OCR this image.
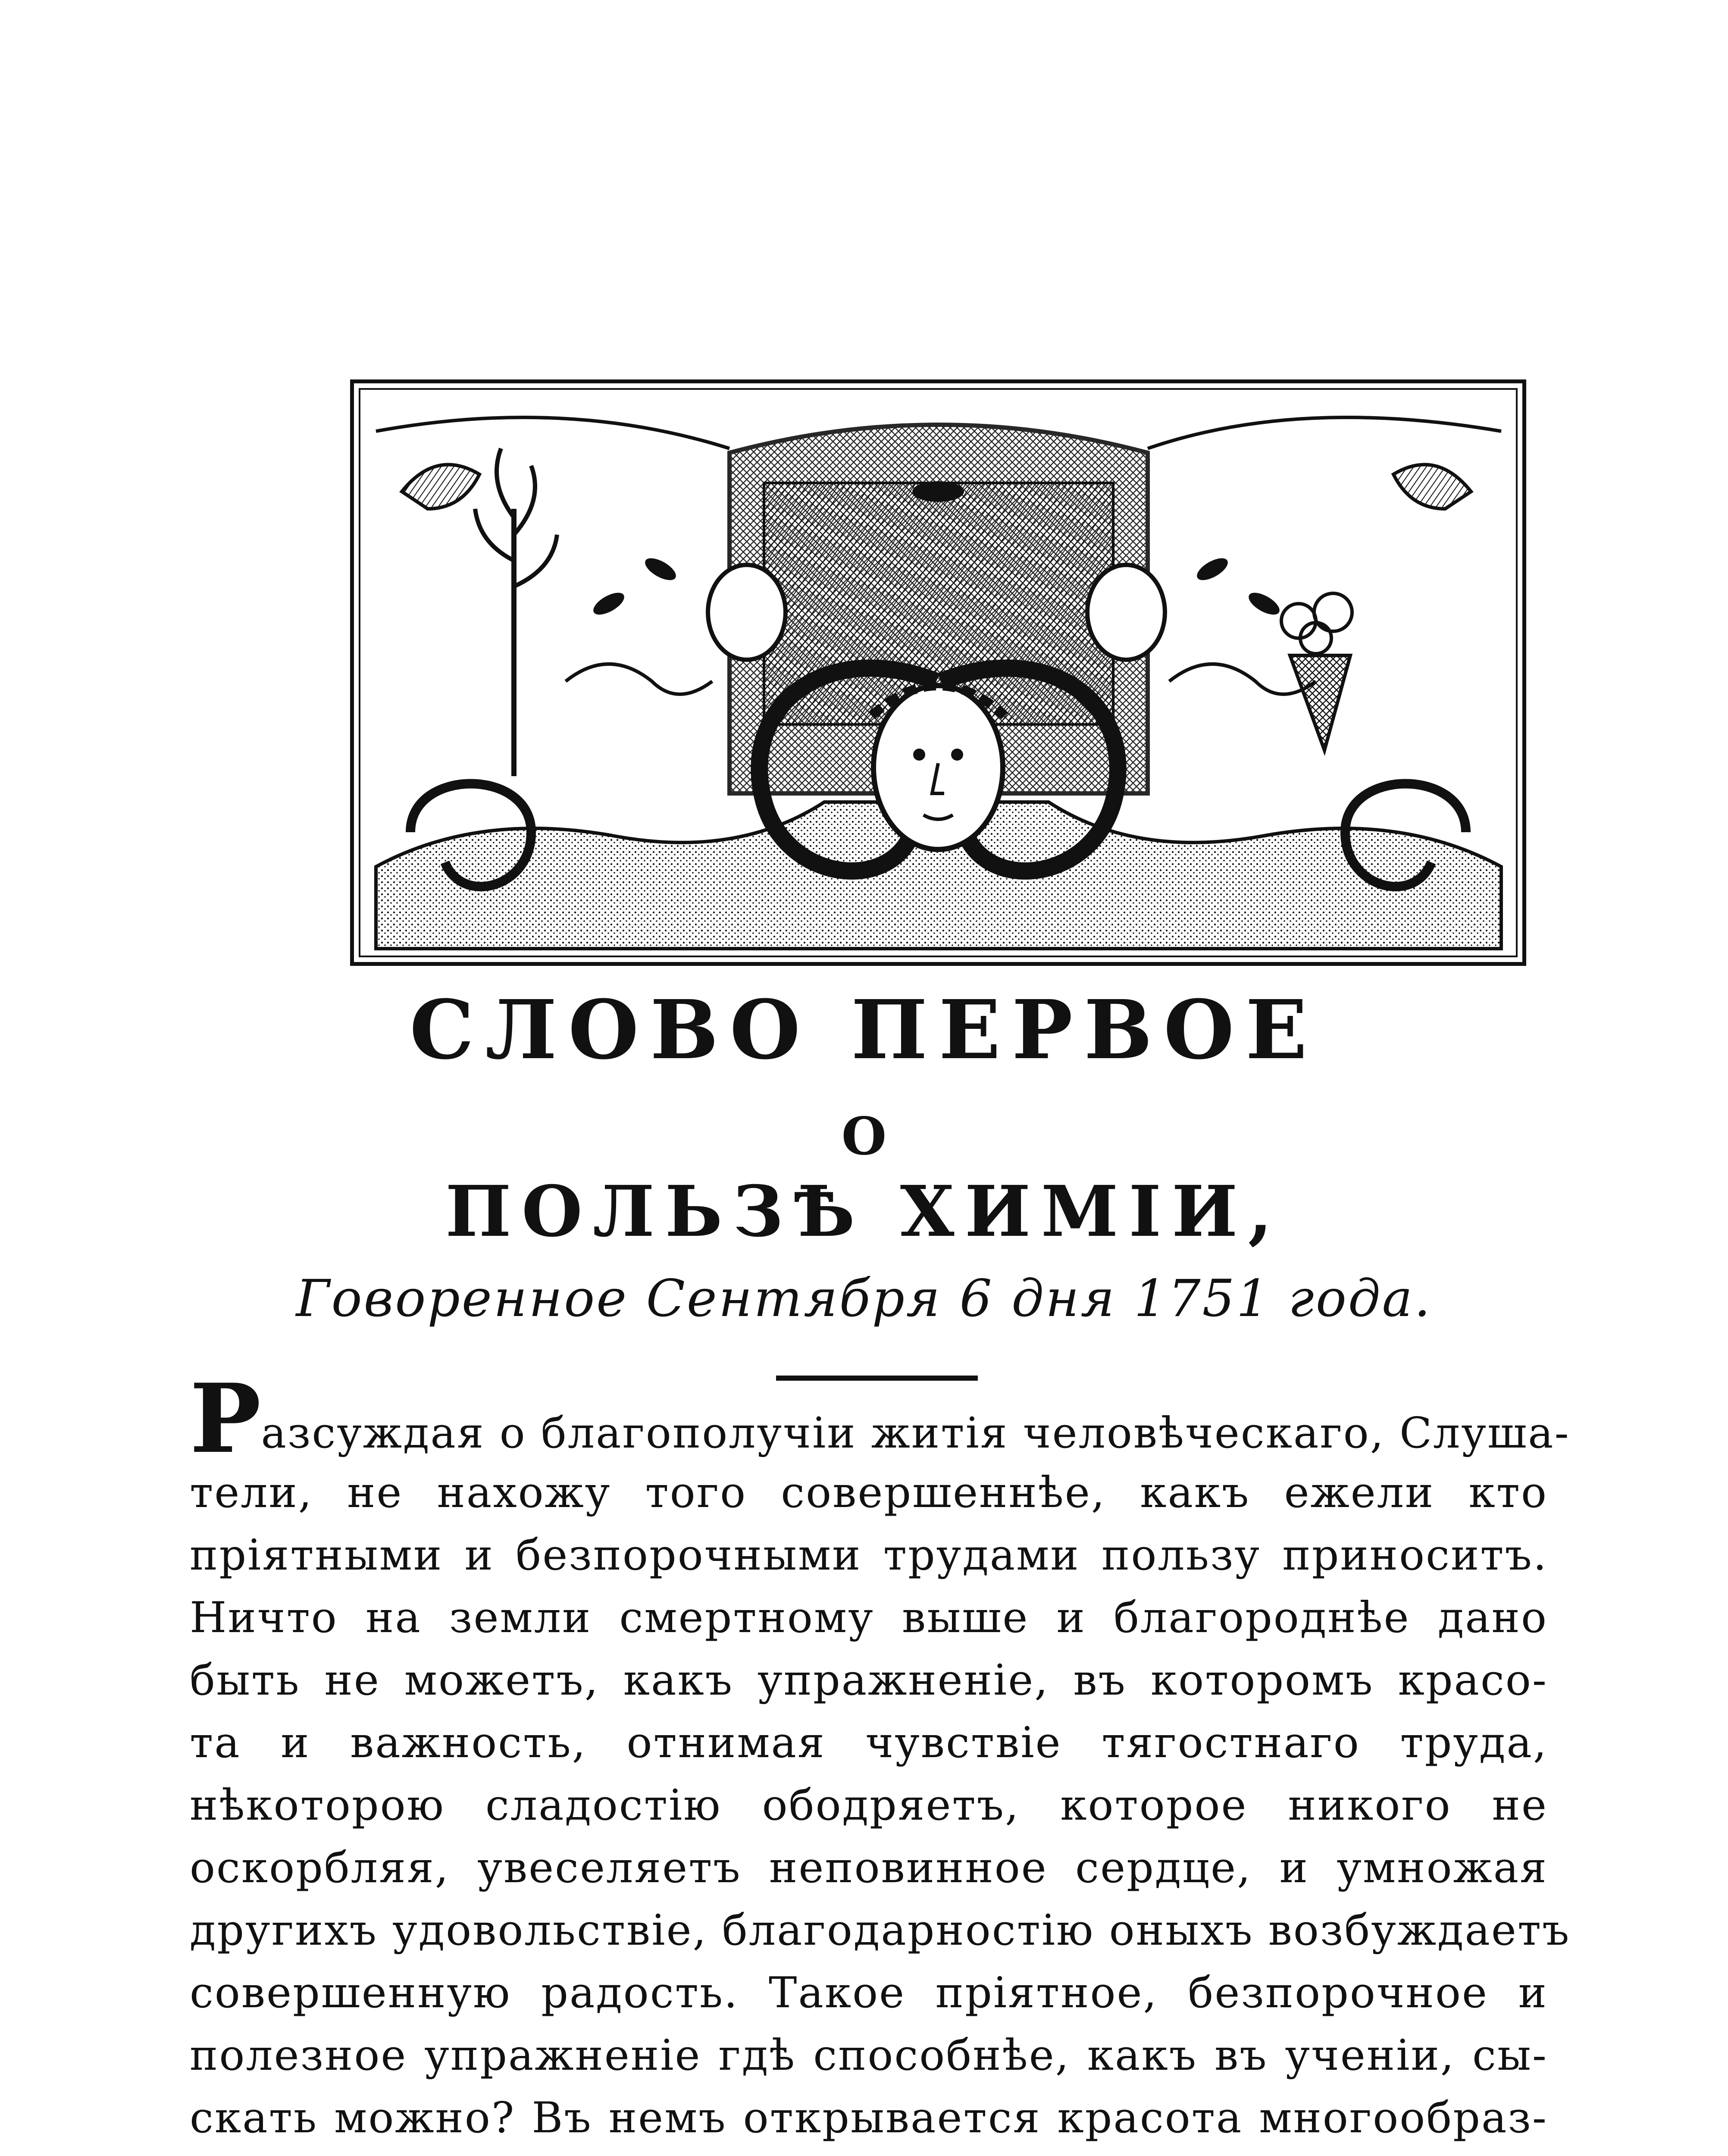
СЛОВО ПЕРВОЕ
О
ПОЛЬЗѢ ХИМІИ,
Говоренное Сентября 6 дня 1751 года.
Разсуждая о благополучіи житія человѣческаго, Слуша-
тели, не нахожу того совершеннѣе, какъ ежели кто
пріятными и безпорочными трудами пользу приноситъ.
Ничто на земли смертному выше и благороднѣе дано
быть не можетъ, какъ упражненіе, въ которомъ красо-
та и важность, отнимая чувствіе тягостнаго труда,
нѣкоторою сладостію ободряетъ, которое никого не
оскорбляя, увеселяетъ неповинное сердце, и умножая
другихъ удовольствіе, благодарностію оныхъ возбуждаетъ
совершенную радость. Такое пріятное, безпорочное и
полезное упражненіе гдѣ способнѣе, какъ въ ученіи, сы-
скать можно? Въ немъ открывается красота многообраз-
